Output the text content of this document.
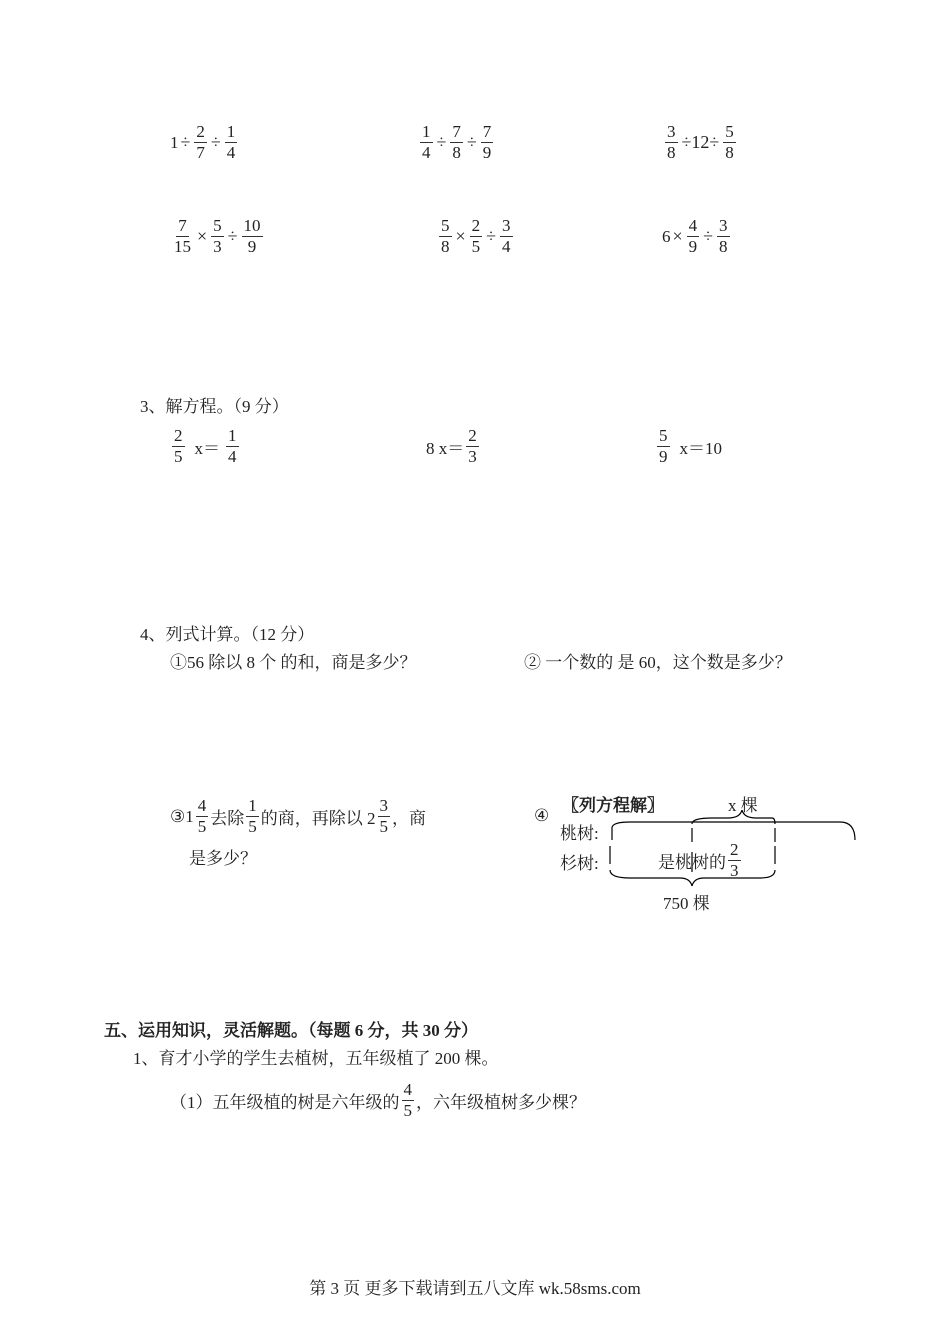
$1 \div \frac{2}{7} \div \frac{1}{4}$	$\frac{1}{4} \div \frac{7}{8} \div \frac{7}{9}$	$\frac{3}{8} \div 12\div \frac{5}{8}$
$\frac{7}{15} \times \frac{5}{3} \div \frac{10}{9}$	$\frac{5}{8} \times \frac{2}{5} \div \frac{3}{4}$	$6 \times \frac{4}{9} \div \frac{3}{8}$
3、解方程。（9 分）
$\frac{2}{5} x= \frac{1}{4}$	8 $x= \frac{2}{3}$	$\frac{5}{9} x=10$
4、列式计算。（12 分）
①56 除以 8 个 的和，商是多少？	② 一个数的 是 60，这个数是多少？
③1 $\frac{4}{5}$ 去除 $\frac{1}{5}$ 的商，再除以 $2 \frac{3}{5}$ ，商
是多少？
④
〖列方程解〗	x 棵
桃树:
杉树:	是桃树的 $\frac{2}{3}$
750 棵
五、运用知识，灵活解题。（每题 6 分，共 30 分）
1、育才小学的学生去植树，五年级植了 200 棵。
（1）五年级植的树是六年级的 $\frac{4}{5}$ ，六年级植树多少棵？
第 3 页 更多下载请到五八文库 wk.58sms.com
